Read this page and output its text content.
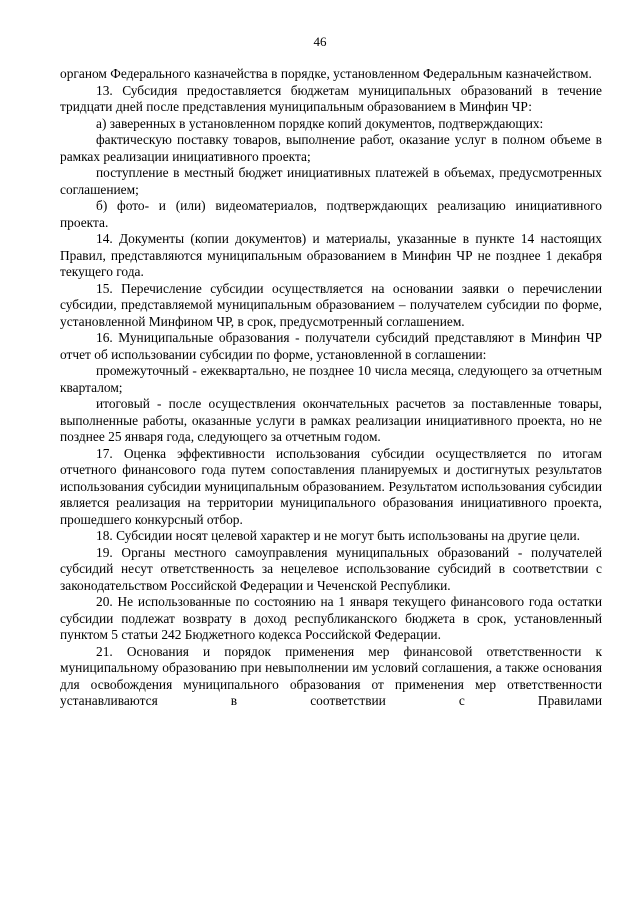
46

органом Федерального казначейства в порядке, установленном Федеральным казначейством.

13. Субсидия предоставляется бюджетам муниципальных образований в течение тридцати дней после представления муниципальным образованием в Минфин ЧР:

а) заверенных в установленном порядке копий документов, подтверждающих:

фактическую поставку товаров, выполнение работ, оказание услуг в полном объеме в рамках реализации инициативного проекта;

поступление в местный бюджет инициативных платежей в объемах, предусмотренных соглашением;

б) фото- и (или) видеоматериалов, подтверждающих реализацию инициативного проекта.

14. Документы (копии документов) и материалы, указанные в пункте 14 настоящих Правил, представляются муниципальным образованием в Минфин ЧР не позднее 1 декабря текущего года.

15. Перечисление субсидии осуществляется на основании заявки о перечислении субсидии, представляемой муниципальным образованием – получателем субсидии по форме, установленной Минфином ЧР, в срок, предусмотренный соглашением.

16. Муниципальные образования - получатели субсидий представляют в Минфин ЧР отчет об использовании субсидии по форме, установленной в соглашении:

промежуточный - ежеквартально, не позднее 10 числа месяца, следующего за отчетным кварталом;

итоговый - после осуществления окончательных расчетов за поставленные товары, выполненные работы, оказанные услуги в рамках реализации инициативного проекта, но не позднее 25 января года, следующего за отчетным годом.

17. Оценка эффективности использования субсидии осуществляется по итогам отчетного финансового года путем сопоставления планируемых и достигнутых результатов использования субсидии муниципальным образованием. Результатом использования субсидии является реализация на территории муниципального образования инициативного проекта, прошедшего конкурсный отбор.

18. Субсидии носят целевой характер и не могут быть использованы на другие цели.

19. Органы местного самоуправления муниципальных образований - получателей субсидий несут ответственность за нецелевое использование субсидий в соответствии с законодательством Российской Федерации и Чеченской Республики.

20. Не использованные по состоянию на 1 января текущего финансового года остатки субсидии подлежат возврату в доход республиканского бюджета в срок, установленный пунктом 5 статьи 242 Бюджетного кодекса Российской Федерации.

21. Основания и порядок применения мер финансовой ответственности к муниципальному образованию при невыполнении им условий соглашения, а также основания для освобождения муниципального образования от применения мер ответственности устанавливаются в соответствии с Правилами
